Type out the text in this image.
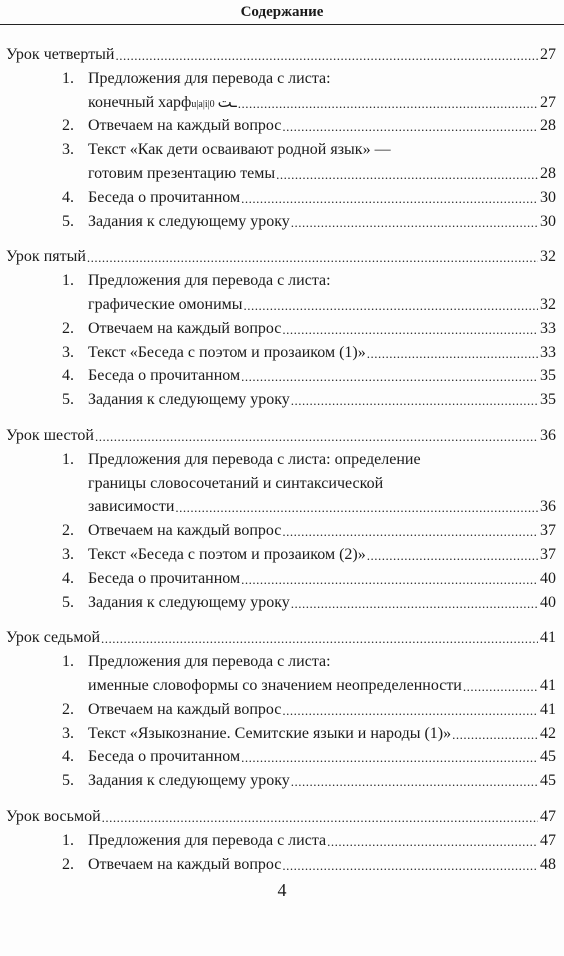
Содержание
Урок четвертый .....	27
1. Предложения для перевода с листа:
конечный харф u|a|i|0 ـت .....	27
2. Отвечаем на каждый вопрос .....	28
3. Текст «Как дети осваивают родной язык» —
готовим презентацию темы .....	28
4. Беседа о прочитанном .....	30
5. Задания к следующему уроку .....	30
Урок пятый .....	32
1. Предложения для перевода с листа:
графические омонимы .....	32
2. Отвечаем на каждый вопрос .....	33
3. Текст «Беседа с поэтом и прозаиком (1)» .....	33
4. Беседа о прочитанном .....	35
5. Задания к следующему уроку .....	35
Урок шестой .....	36
1. Предложения для перевода с листа: определение
границы словосочетаний и синтаксической
зависимости .....	36
2. Отвечаем на каждый вопрос .....	37
3. Текст «Беседа с поэтом и прозаиком (2)» .....	37
4. Беседа о прочитанном .....	40
5. Задания к следующему уроку .....	40
Урок седьмой .....	41
1. Предложения для перевода с листа:
именные словоформы со значением неопределенности .....	41
2. Отвечаем на каждый вопрос .....	41
3. Текст «Языкознание. Семитские языки и народы (1)» .....	42
4. Беседа о прочитанном .....	45
5. Задания к следующему уроку .....	45
Урок восьмой .....	47
1. Предложения для перевода с листа .....	47
2. Отвечаем на каждый вопрос .....	48
4
